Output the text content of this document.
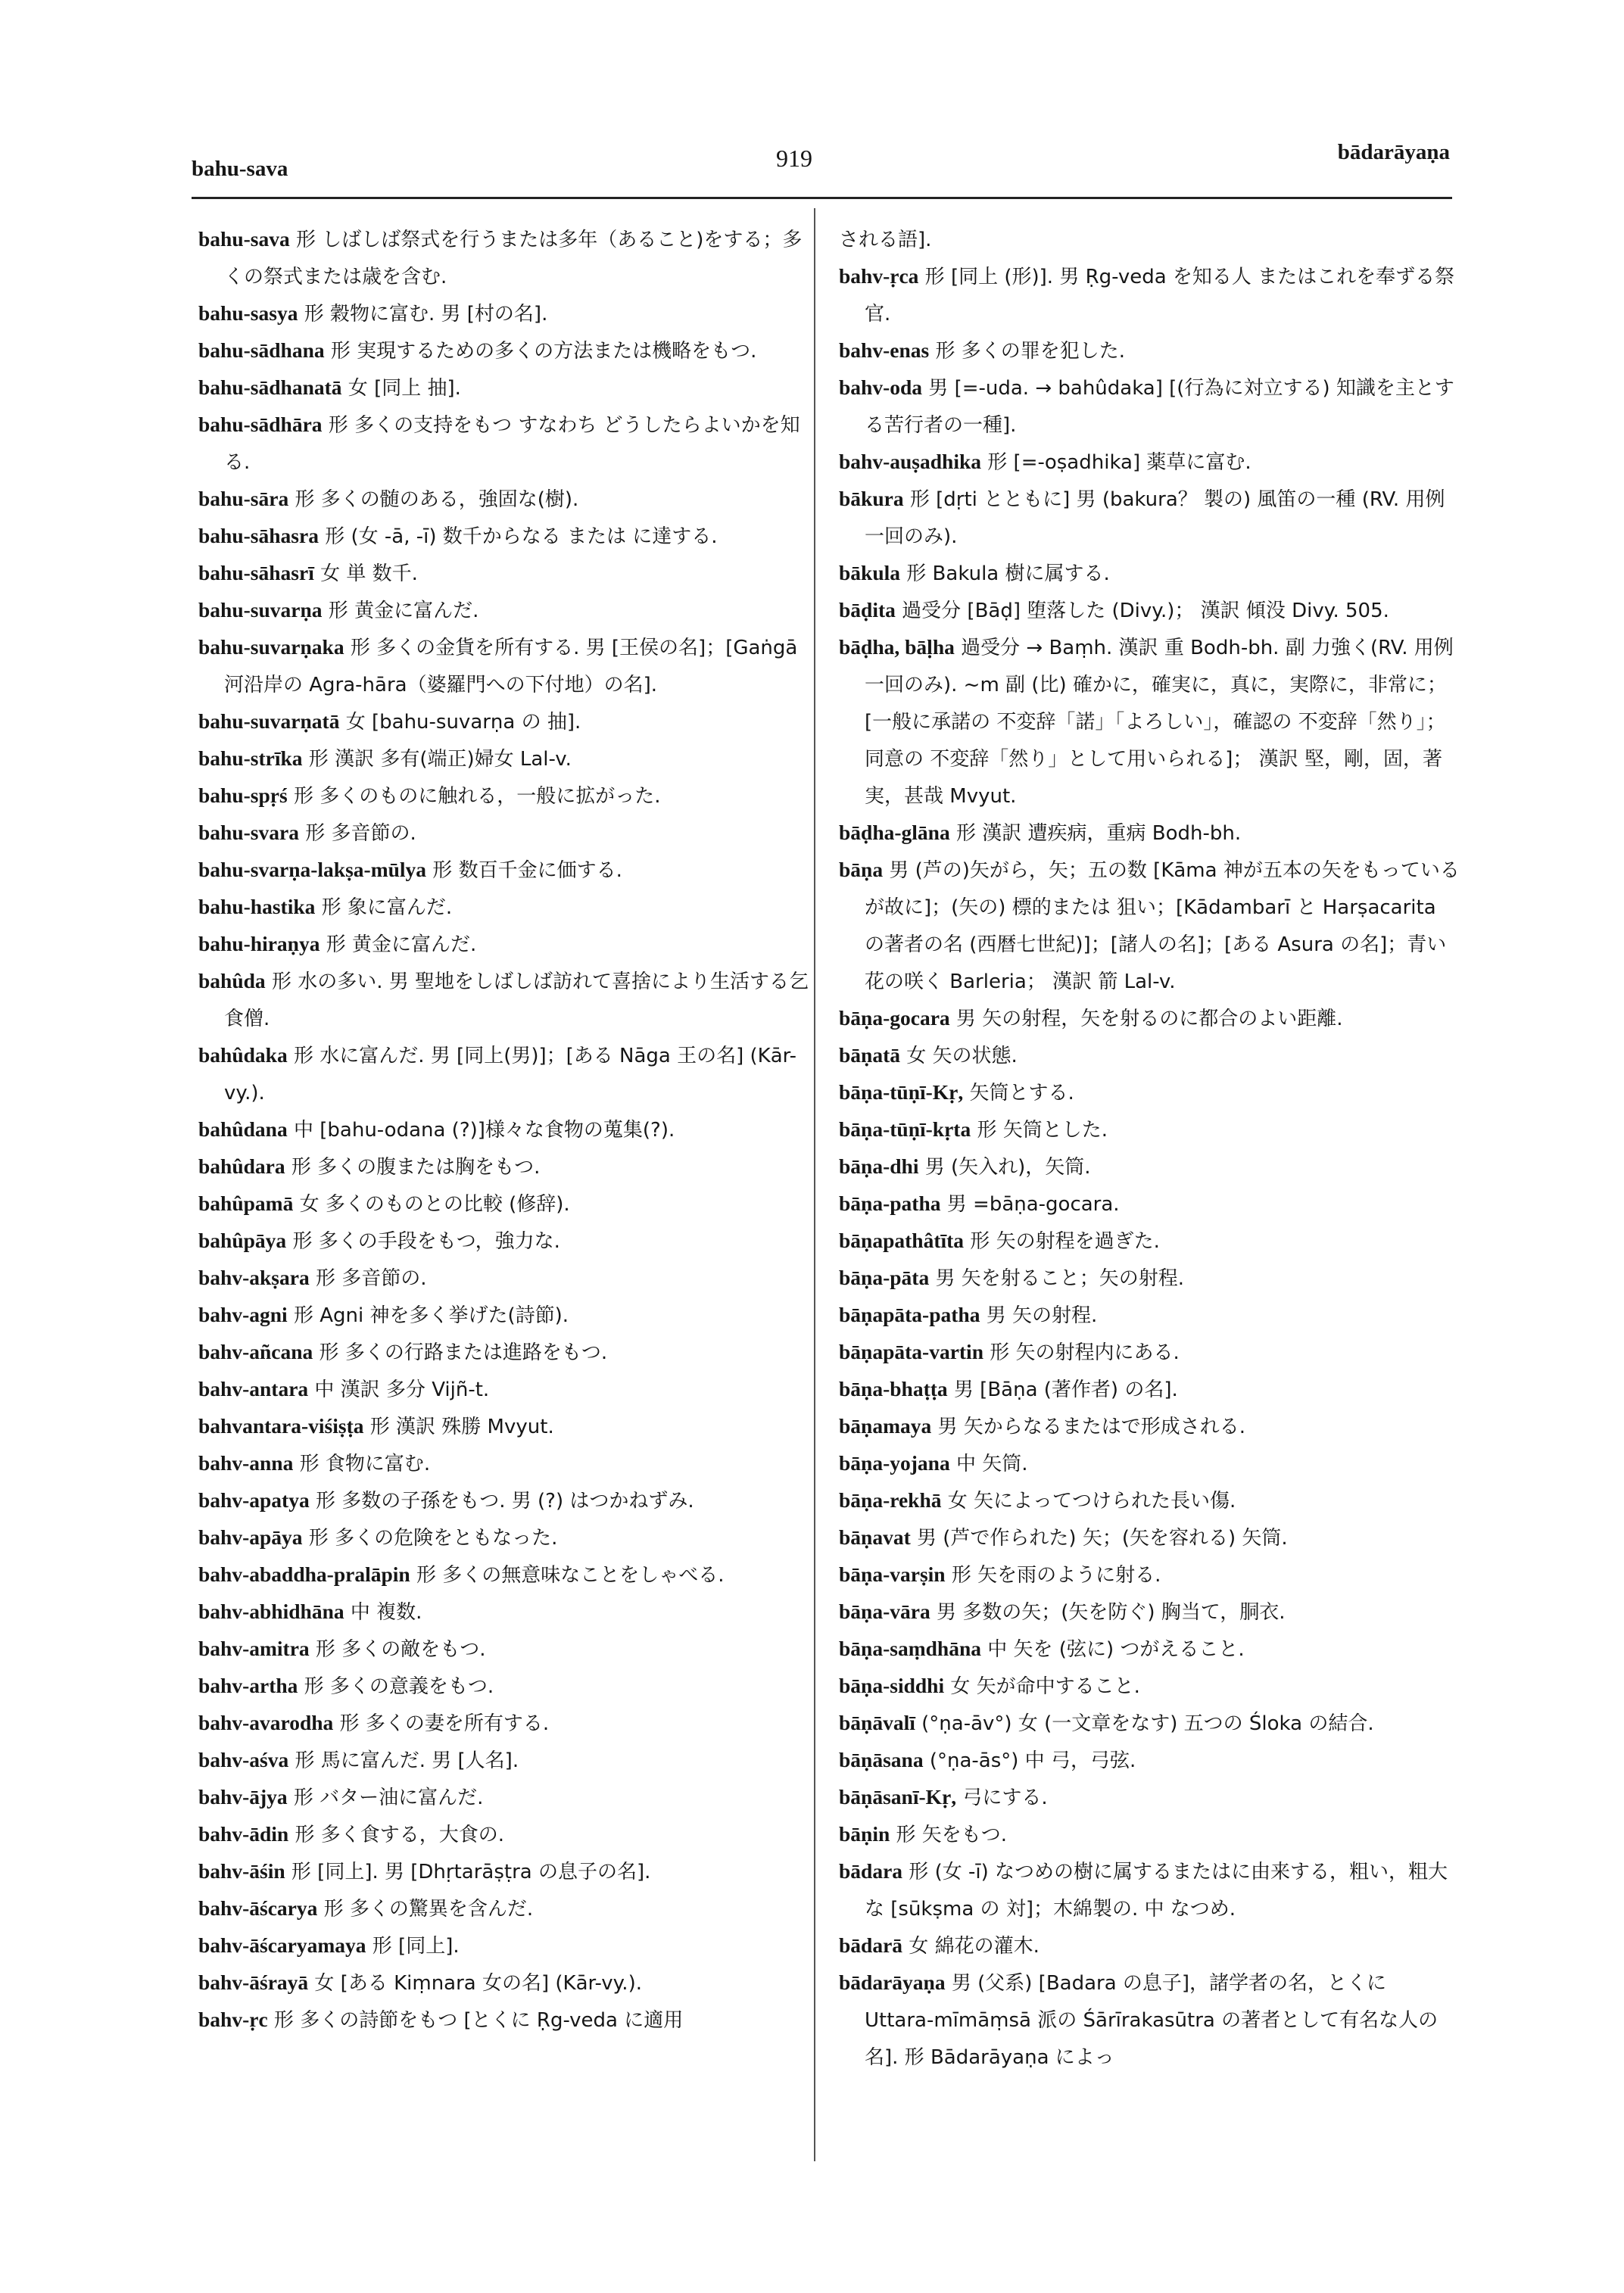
bahu-sava	919	bādarāyaṇa

bahu-sava 形 しばしば祭式を行うまたは多年（あること)をする；多くの祭式または歳を含む.

bahu-sasya 形 穀物に富む. 男 [村の名].

bahu-sādhana 形 実現するための多くの方法または機略をもつ.

bahu-sādhanatā 女 [同上 抽].

bahu-sādhāra 形 多くの支持をもつ すなわち どうしたらよいかを知る.

bahu-sāra 形 多くの髄のある，強固な(樹).

bahu-sāhasra 形 (女 -ā, -ī) 数千からなる または に達する.

bahu-sāhasrī 女 単 数千.

bahu-suvarṇa 形 黄金に富んだ.

bahu-suvarṇaka 形 多くの金貨を所有する. 男 [王侯の名]；[Gaṅgā 河沿岸の Agra-hāra（婆羅門への下付地）の名].

bahu-suvarṇatā 女 [bahu-suvarṇa の 抽].

bahu-strīka 形 漢訳 多有(端正)婦女 Lal-v.

bahu-spṛś 形 多くのものに触れる，一般に拡がった.

bahu-svara 形 多音節の.

bahu-svarṇa-lakṣa-mūlya 形 数百千金に価する.

bahu-hastika 形 象に富んだ.

bahu-hiraṇya 形 黄金に富んだ.

bahûda 形 水の多い. 男 聖地をしばしば訪れて喜捨により生活する乞食僧.

bahûdaka 形 水に富んだ. 男 [同上(男)]；[ある Nāga 王の名] (Kār-vy.).

bahûdana 中 [bahu-odana (?)]様々な食物の蒐集(?).

bahûdara 形 多くの腹または胸をもつ.

bahûpamā 女 多くのものとの比較 (修辞).

bahûpāya 形 多くの手段をもつ，強力な.

bahv-akṣara 形 多音節の.

bahv-agni 形 Agni 神を多く挙げた(詩節).

bahv-añcana 形 多くの行路または進路をもつ.

bahv-antara 中 漢訳 多分 Vijñ-t.

bahvantara-viśiṣṭa 形 漢訳 殊勝 Mvyut.

bahv-anna 形 食物に富む.

bahv-apatya 形 多数の子孫をもつ. 男 (?) はつかねずみ.

bahv-apāya 形 多くの危険をともなった.

bahv-abaddha-pralāpin 形 多くの無意味なことをしゃべる.

bahv-abhidhāna 中 複数.

bahv-amitra 形 多くの敵をもつ.

bahv-artha 形 多くの意義をもつ.

bahv-avarodha 形 多くの妻を所有する.

bahv-aśva 形 馬に富んだ. 男 [人名].

bahv-ājya 形 バター油に富んだ.

bahv-ādin 形 多く食する，大食の.

bahv-āśin 形 [同上]. 男 [Dhṛtarāṣṭra の息子の名].

bahv-āścarya 形 多くの驚異を含んだ.

bahv-āścaryamaya 形 [同上].

bahv-āśrayā 女 [ある Kiṃnara 女の名] (Kār-vy.).

bahv-ṛc 形 多くの詩節をもつ [とくに Ṛg-veda に適用

される語].

bahv-ṛca 形 [同上 (形)]. 男 Ṛg-veda を知る人 またはこれを奉ずる祭官.

bahv-enas 形 多くの罪を犯した.

bahv-oda 男 [=-uda. → bahûdaka] [(行為に対立する) 知識を主とする苦行者の一種].

bahv-auṣadhika 形 [=-oṣadhika] 薬草に富む.

bākura 形 [dṛti とともに] 男 (bakura？ 製の) 風笛の一種 (RV. 用例一回のみ).

bākula 形 Bakula 樹に属する.

bāḍita 過受分 [Bāḍ] 堕落した (Divy.)； 漢訳 傾没 Divy. 505.

bāḍha, bāḷha 過受分 → Baṃh. 漢訳 重 Bodh-bh. 副 力強く(RV. 用例一回のみ). ~m 副 (比) 確かに，確実に，真に，実際に，非常に；[一般に承諾の 不変辞「諾」「よろしい」，確認の 不変辞「然り」；同意の 不変辞「然り」として用いられる]； 漢訳 堅，剛，固，著実，甚哉 Mvyut.

bāḍha-glāna 形 漢訳 遭疾病，重病 Bodh-bh.

bāṇa 男 (芦の)矢がら，矢；五の数 [Kāma 神が五本の矢をもっているが故に]；(矢の) 標的または 狙い；[Kādambarī と Harṣacarita の著者の名 (西暦七世紀)]；[諸人の名]；[ある Asura の名]；青い花の咲く Barleria； 漢訳 箭 Lal-v.

bāṇa-gocara 男 矢の射程，矢を射るのに都合のよい距離.

bāṇatā 女 矢の状態.

bāṇa-tūṇī-Kṛ, 矢筒とする.

bāṇa-tūṇī-kṛta 形 矢筒とした.

bāṇa-dhi 男 (矢入れ)，矢筒.

bāṇa-patha 男 =bāṇa-gocara.

bāṇapathâtīta 形 矢の射程を過ぎた.

bāṇa-pāta 男 矢を射ること；矢の射程.

bāṇapāta-patha 男 矢の射程.

bāṇapāta-vartin 形 矢の射程内にある.

bāṇa-bhaṭṭa 男 [Bāṇa (著作者) の名].

bāṇamaya 男 矢からなるまたはで形成される.

bāṇa-yojana 中 矢筒.

bāṇa-rekhā 女 矢によってつけられた長い傷.

bāṇavat 男 (芦で作られた) 矢；(矢を容れる) 矢筒.

bāṇa-varṣin 形 矢を雨のように射る.

bāṇa-vāra 男 多数の矢；(矢を防ぐ) 胸当て，胴衣.

bāṇa-saṃdhāna 中 矢を (弦に) つがえること.

bāṇa-siddhi 女 矢が命中すること.

bāṇāvalī (°ṇa-āv°) 女 (一文章をなす) 五つの Śloka の結合.

bāṇāsana (°ṇa-ās°) 中 弓，弓弦.

bāṇāsanī-Kṛ, 弓にする.

bāṇin 形 矢をもつ.

bādara 形 (女 -ī) なつめの樹に属するまたはに由来する，粗い，粗大な [sūkṣma の 対]；木綿製の. 中 なつめ.

bādarā 女 綿花の灌木.

bādarāyaṇa 男 (父系) [Badara の息子]，諸学者の名，とくに Uttara-mīmāṃsā 派の Śārīrakasūtra の著者として有名な人の名]. 形 Bādarāyaṇa によっ
